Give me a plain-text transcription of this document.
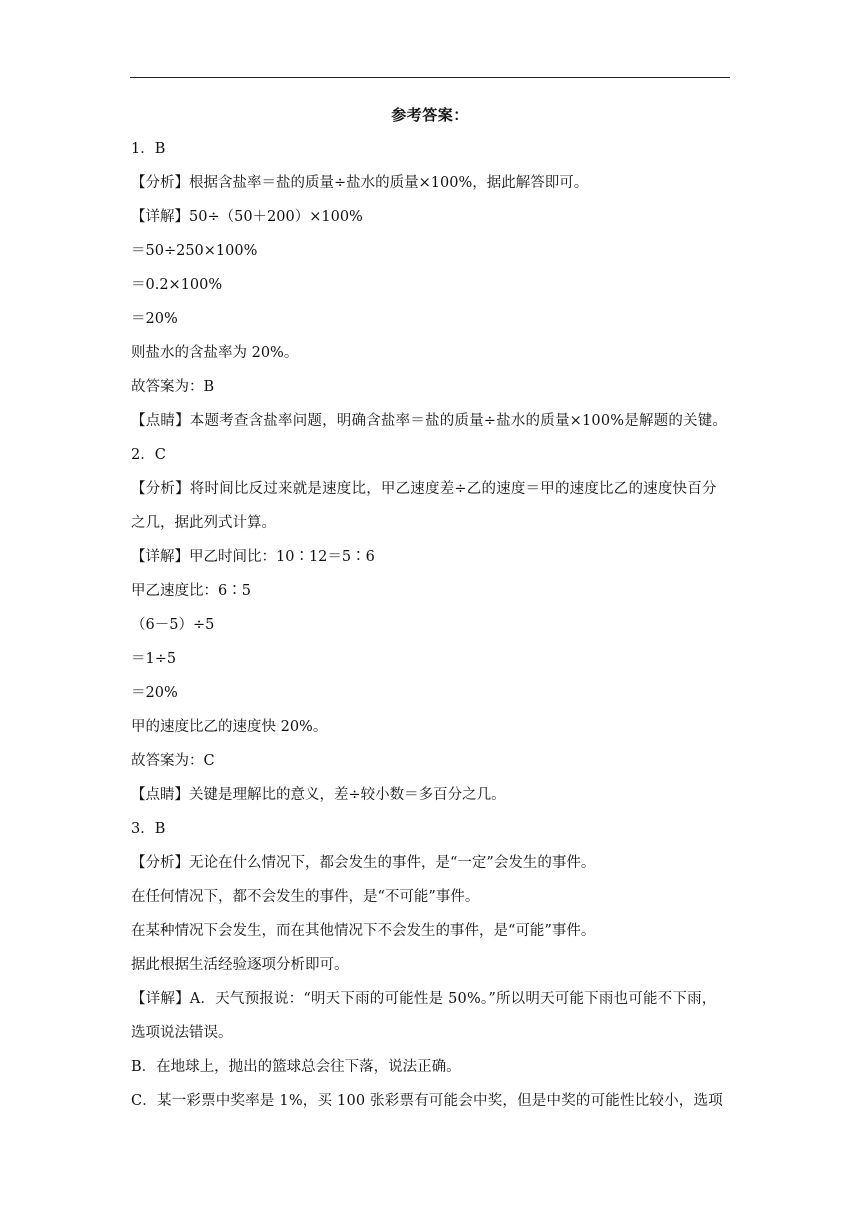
参考答案：
1．B
【分析】根据含盐率＝盐的质量÷盐水的质量×100%，据此解答即可。
【详解】50÷（50＋200）×100%
＝50÷250×100%
＝0.2×100%
＝20%
则盐水的含盐率为 20%。
故答案为：B
【点睛】本题考查含盐率问题，明确含盐率＝盐的质量÷盐水的质量×100%是解题的关键。
2．C
【分析】将时间比反过来就是速度比，甲乙速度差÷乙的速度＝甲的速度比乙的速度快百分
之几，据此列式计算。
【详解】甲乙时间比：10∶12＝5∶6
甲乙速度比：6∶5
（6－5）÷5
＝1÷5
＝20%
甲的速度比乙的速度快 20%。
故答案为：C
【点睛】关键是理解比的意义，差÷较小数＝多百分之几。
3．B
【分析】无论在什么情况下，都会发生的事件，是“一定”会发生的事件。
在任何情况下，都不会发生的事件，是“不可能”事件。
在某种情况下会发生，而在其他情况下不会发生的事件，是“可能”事件。
据此根据生活经验逐项分析即可。
【详解】A．天气预报说：“明天下雨的可能性是 50%。”所以明天可能下雨也可能不下雨，
选项说法错误。
B．在地球上，抛出的篮球总会往下落，说法正确。
C．某一彩票中奖率是 1%，买 100 张彩票有可能会中奖，但是中奖的可能性比较小，选项
